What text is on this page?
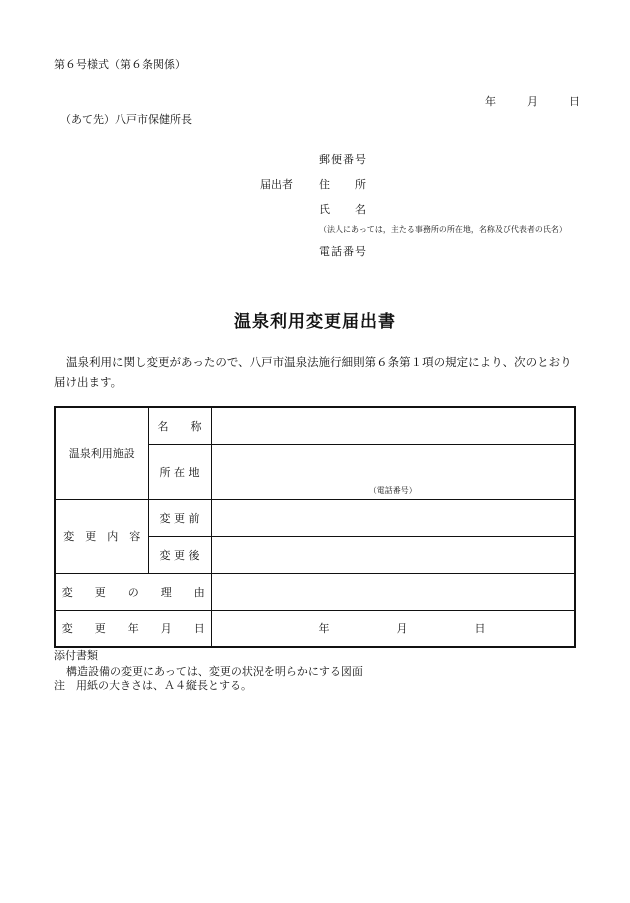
第６号様式（第６条関係）
年	月	日
（あて先）八戸市保健所長
届出者
郵便番号
住　　所
氏　　名
（法人にあっては，主たる事務所の所在地，名称及び代表者の氏名）
電話番号
温泉利用変更届出書
温泉利用に関し変更があったので、八戸市温泉法施行細則第６条第１項の規定により、次のとおり届け出ます。
温泉利用施設	名　　称	
	所 在 地	（電話番号）
変　更　内　容	変 更 前	
	変 更 後	
変　　更　　の　　理　　由		
変　　更　　年　　月　　日		年 月 日
添付書類
構造設備の変更にあっては、変更の状況を明らかにする図面
注　用紙の大きさは、Ａ４縦長とする。
